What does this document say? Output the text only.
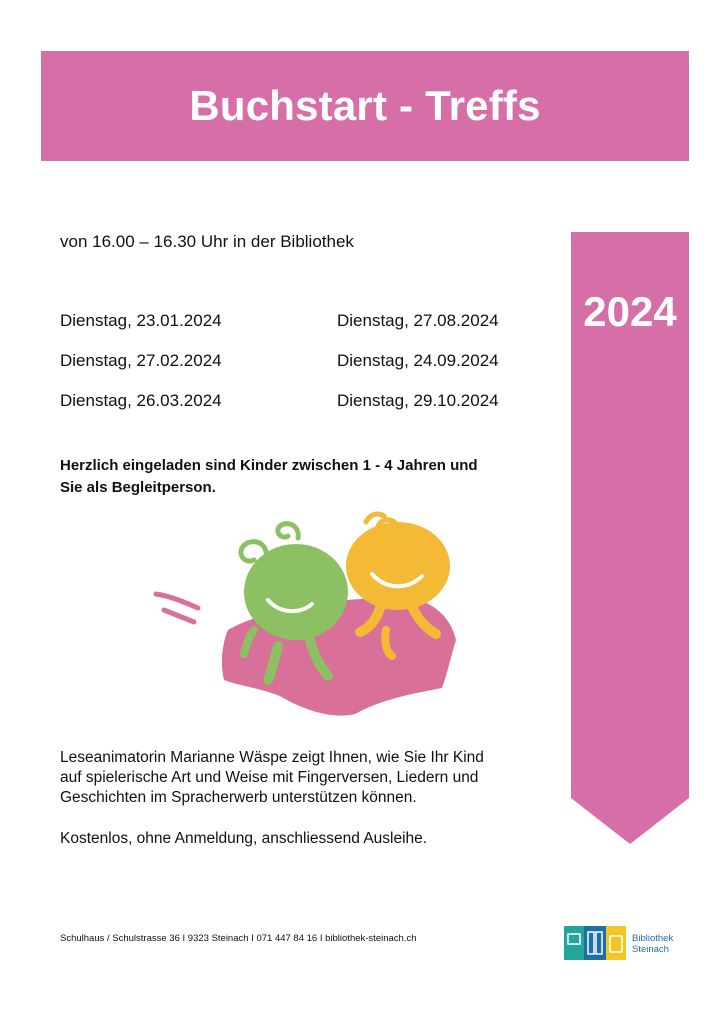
Buchstart - Treffs
2024
von 16.00 – 16.30 Uhr in der Bibliothek
Dienstag, 23.01.2024
Dienstag, 27.02.2024
Dienstag, 26.03.2024
Dienstag, 27.08.2024
Dienstag, 24.09.2024
Dienstag, 29.10.2024
Herzlich eingeladen sind Kinder zwischen 1 - 4 Jahren und
Sie als Begleitperson.
Leseanimatorin Marianne Wäspe zeigt Ihnen, wie Sie Ihr Kind
auf spielerische Art und Weise mit Fingerversen, Liedern und
Geschichten im Spracherwerb unterstützen können.
Kostenlos, ohne Anmeldung, anschliessend Ausleihe.
Schulhaus / Schulstrasse 36 I 9323 Steinach I 071 447 84 16 I bibliothek-steinach.ch	Bibliothek
Steinach
